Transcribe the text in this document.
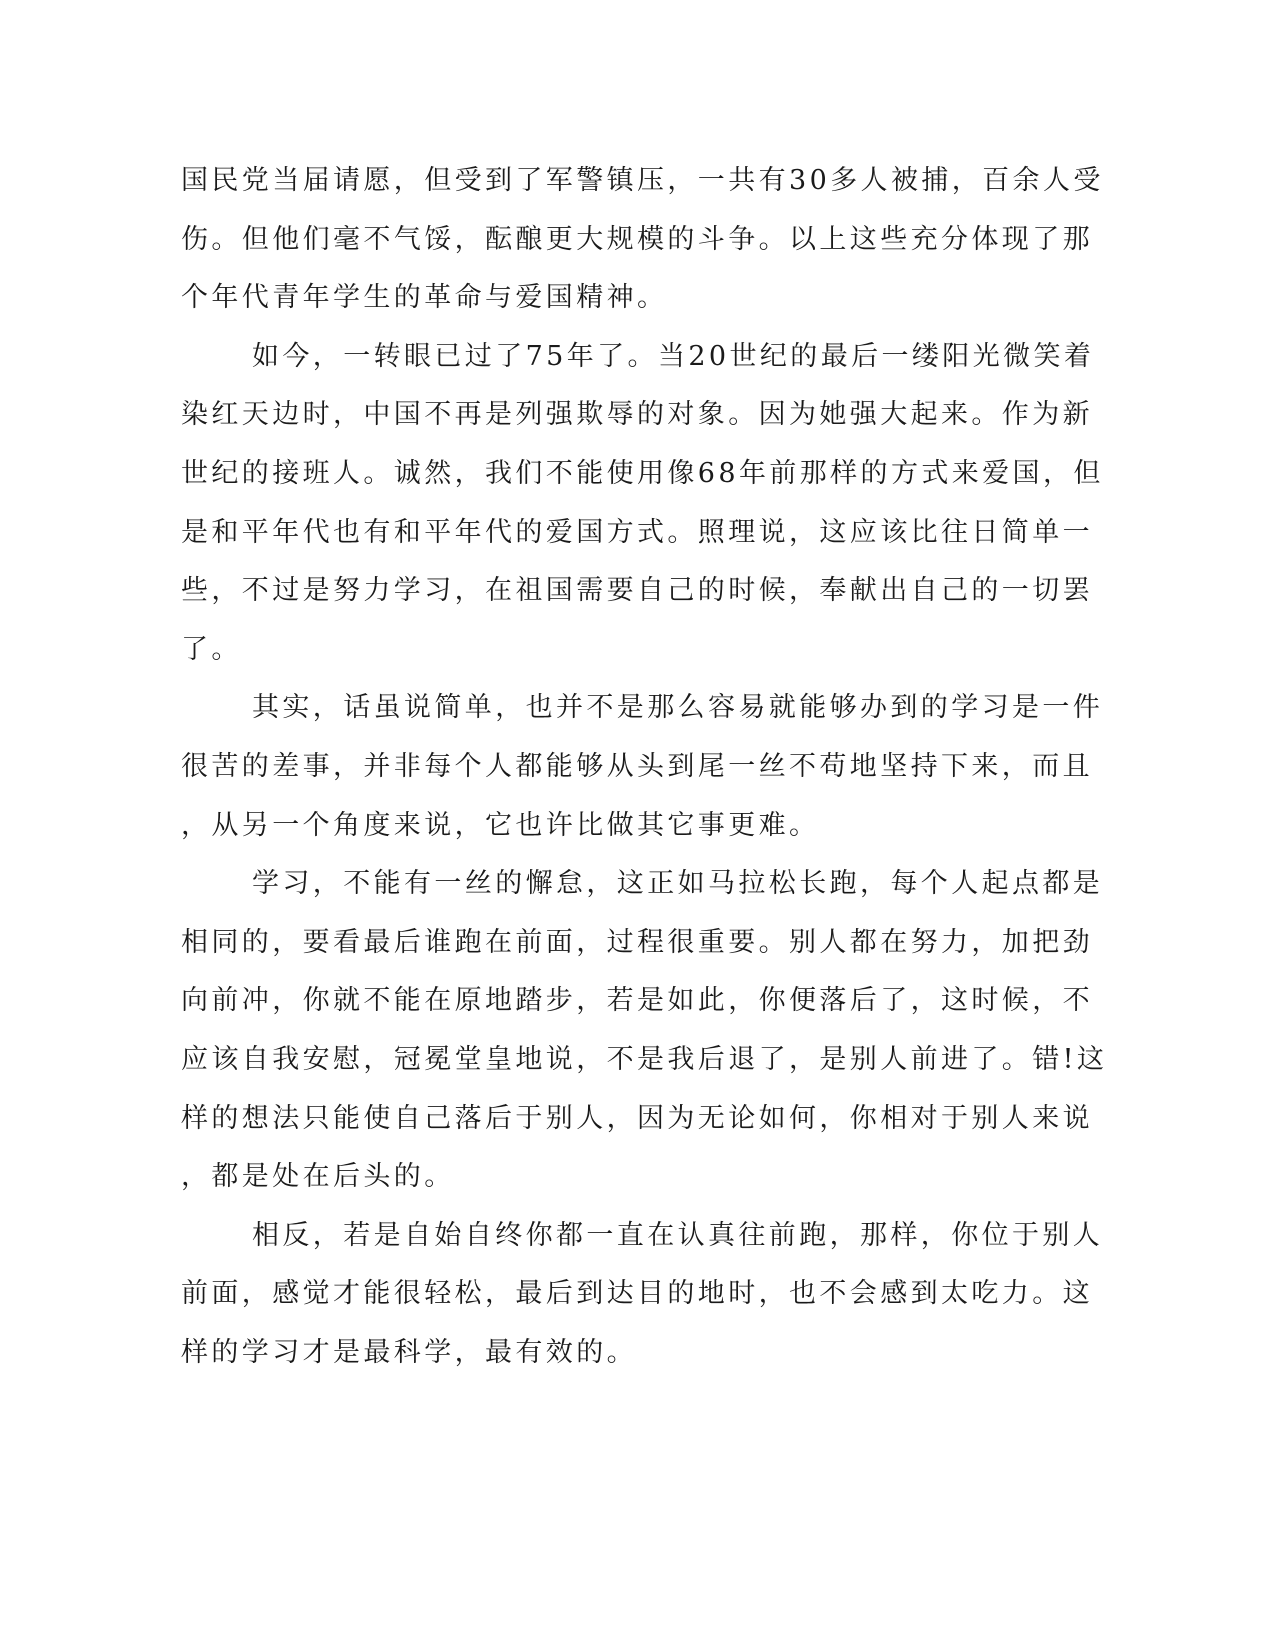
国民党当届请愿，但受到了军警镇压，一共有30多人被捕，百余人受
伤。但他们毫不气馁，酝酿更大规模的斗争。以上这些充分体现了那
个年代青年学生的革命与爱国精神。
如今，一转眼已过了75年了。当20世纪的最后一缕阳光微笑着
染红天边时，中国不再是列强欺辱的对象。因为她强大起来。作为新
世纪的接班人。诚然，我们不能使用像68年前那样的方式来爱国，但
是和平年代也有和平年代的爱国方式。照理说，这应该比往日简单一
些，不过是努力学习，在祖国需要自己的时候，奉献出自己的一切罢
了。
其实，话虽说简单，也并不是那么容易就能够办到的学习是一件
很苦的差事，并非每个人都能够从头到尾一丝不苟地坚持下来，而且
，从另一个角度来说，它也许比做其它事更难。
学习，不能有一丝的懈怠，这正如马拉松长跑，每个人起点都是
相同的，要看最后谁跑在前面，过程很重要。别人都在努力，加把劲
向前冲，你就不能在原地踏步，若是如此，你便落后了，这时候，不
应该自我安慰，冠冕堂皇地说，不是我后退了，是别人前进了。错!这
样的想法只能使自己落后于别人，因为无论如何，你相对于别人来说
，都是处在后头的。
相反，若是自始自终你都一直在认真往前跑，那样，你位于别人
前面，感觉才能很轻松，最后到达目的地时，也不会感到太吃力。这
样的学习才是最科学，最有效的。
